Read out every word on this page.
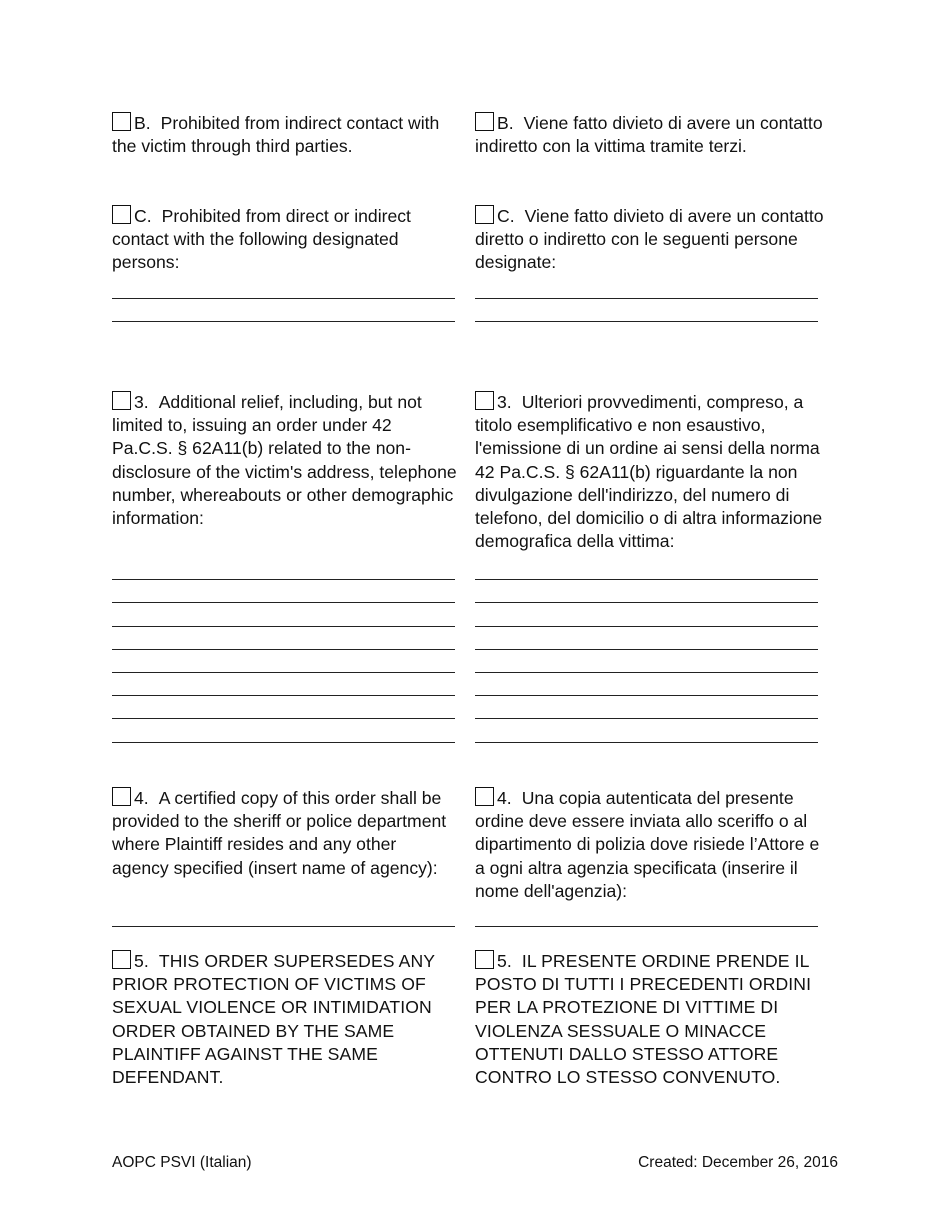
B. Prohibited from indirect contact with the victim through third parties.
C. Prohibited from direct or indirect contact with the following designated persons:
3. Additional relief, including, but not limited to, issuing an order under 42 Pa.C.S. § 62A11(b) related to the non-disclosure of the victim's address, telephone number, whereabouts or other demographic information:
4. A certified copy of this order shall be provided to the sheriff or police department where Plaintiff resides and any other agency specified (insert name of agency):
5. THIS ORDER SUPERSEDES ANY PRIOR PROTECTION OF VICTIMS OF SEXUAL VIOLENCE OR INTIMIDATION ORDER OBTAINED BY THE SAME PLAINTIFF AGAINST THE SAME DEFENDANT.
B. Viene fatto divieto di avere un contatto indiretto con la vittima tramite terzi.
C. Viene fatto divieto di avere un contatto diretto o indiretto con le seguenti persone designate:
3. Ulteriori provvedimenti, compreso, a titolo esemplificativo e non esaustivo, l'emissione di un ordine ai sensi della norma 42 Pa.C.S. § 62A11(b) riguardante la non divulgazione dell'indirizzo, del numero di telefono, del domicilio o di altra informazione demografica della vittima:
4. Una copia autenticata del presente ordine deve essere inviata allo sceriffo o al dipartimento di polizia dove risiede l’Attore e a ogni altra agenzia specificata (inserire il nome dell'agenzia):
5. IL PRESENTE ORDINE PRENDE IL POSTO DI TUTTI I PRECEDENTI ORDINI PER LA PROTEZIONE DI VITTIME DI VIOLENZA SESSUALE O MINACCE OTTENUTI DALLO STESSO ATTORE CONTRO LO STESSO CONVENUTO.
AOPC PSVI (Italian)	Created: December 26, 2016
